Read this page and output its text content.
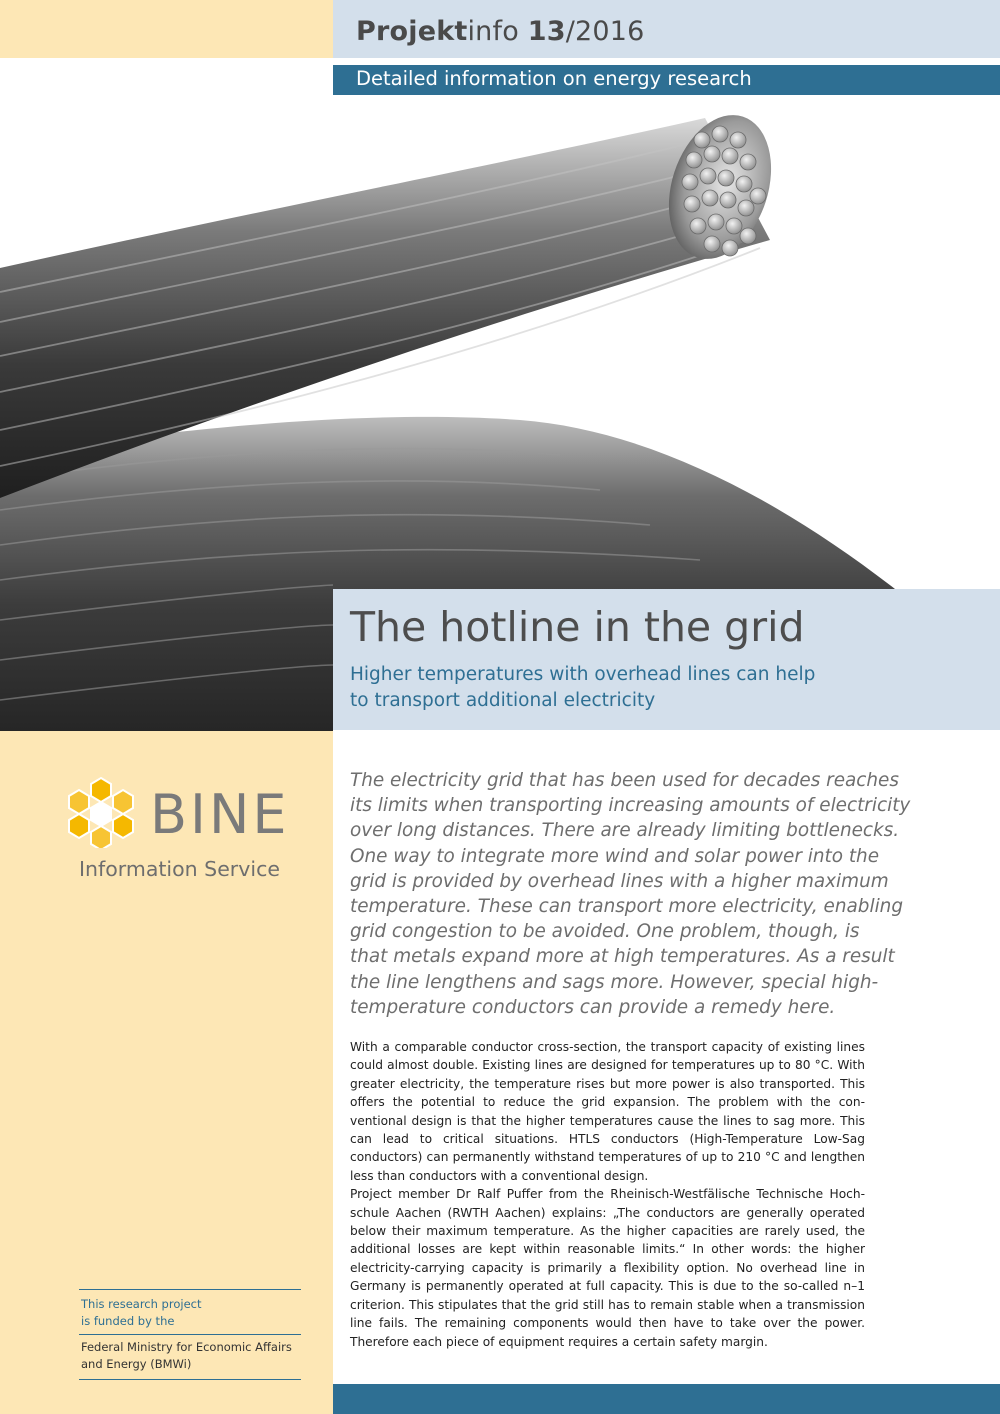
Projektinfo 13/2016
Detailed information on energy research
The hotline in the grid
Higher temperatures with overhead lines can help
to transport additional electricity
BINE
Information Service
This research project
is funded by the
Federal Ministry for Economic Affairs
and Energy (BMWi)
The electricity grid that has been used for decades reaches
its limits when transporting increasing amounts of electricity
over long distances. There are already limiting bottlenecks.
One way to integrate more wind and solar power into the
grid is provided by overhead lines with a higher maximum
temperature. These can transport more electricity, enabling
grid congestion to be avoided. One problem, though, is
that metals expand more at high temperatures. As a result
the line lengthens and sags more. However, special high-
temperature conductors can provide a remedy here.

With a comparable conductor cross-section, the transport capacity of existing lines could almost double. Existing lines are designed for temperatures up to 80 °C. With greater electricity, the temperature rises but more power is also transported. This offers the potential to reduce the grid expansion. The problem with the conventional design is that the higher temperatures cause the lines to sag more. This can lead to critical situations. HTLS conductors (High-Temperature Low-Sag conductors) can permanently withstand temperatures of up to 210 °C and lengthen less than conductors with a conventional design.

Project member Dr Ralf Puffer from the Rheinisch-Westfälische Technische Hochschule Aachen (RWTH Aachen) explains: „The conductors are generally operated below their maximum temperature. As the higher capacities are rarely used, the additional losses are kept within reasonable limits.“ In other words: the higher electricity-carrying capacity is primarily a flexibility option. No overhead line in Germany is permanently operated at full capacity. This is due to the so-called n–1 criterion. This stipulates that the grid still has to remain stable when a transmission line fails. The remaining components would then have to take over the power. Therefore each piece of equipment requires a certain safety margin.
